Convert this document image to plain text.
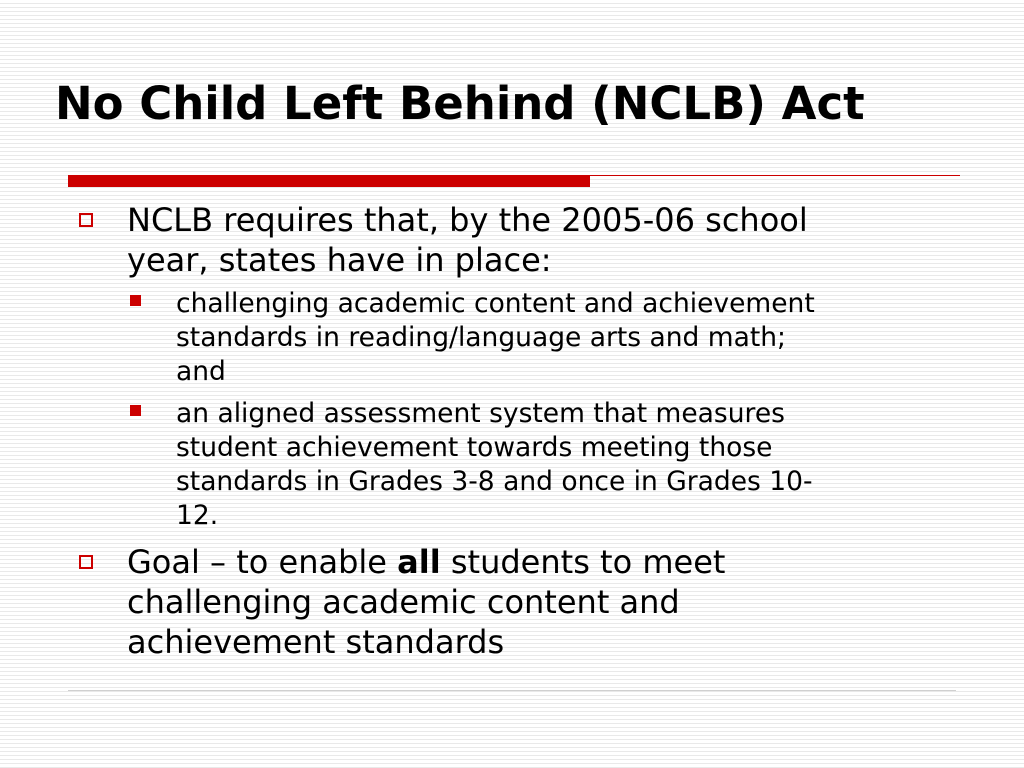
No Child Left Behind (NCLB) Act

NCLB requires that, by the 2005-06 school

year, states have in place:

challenging academic content and achievement

standards in reading/language arts and math;

and

an aligned assessment system that measures

student achievement towards meeting those

standards in Grades 3-8 and once in Grades 10-

12.

Goal – to enable all students to meet

challenging academic content and

achievement standards
